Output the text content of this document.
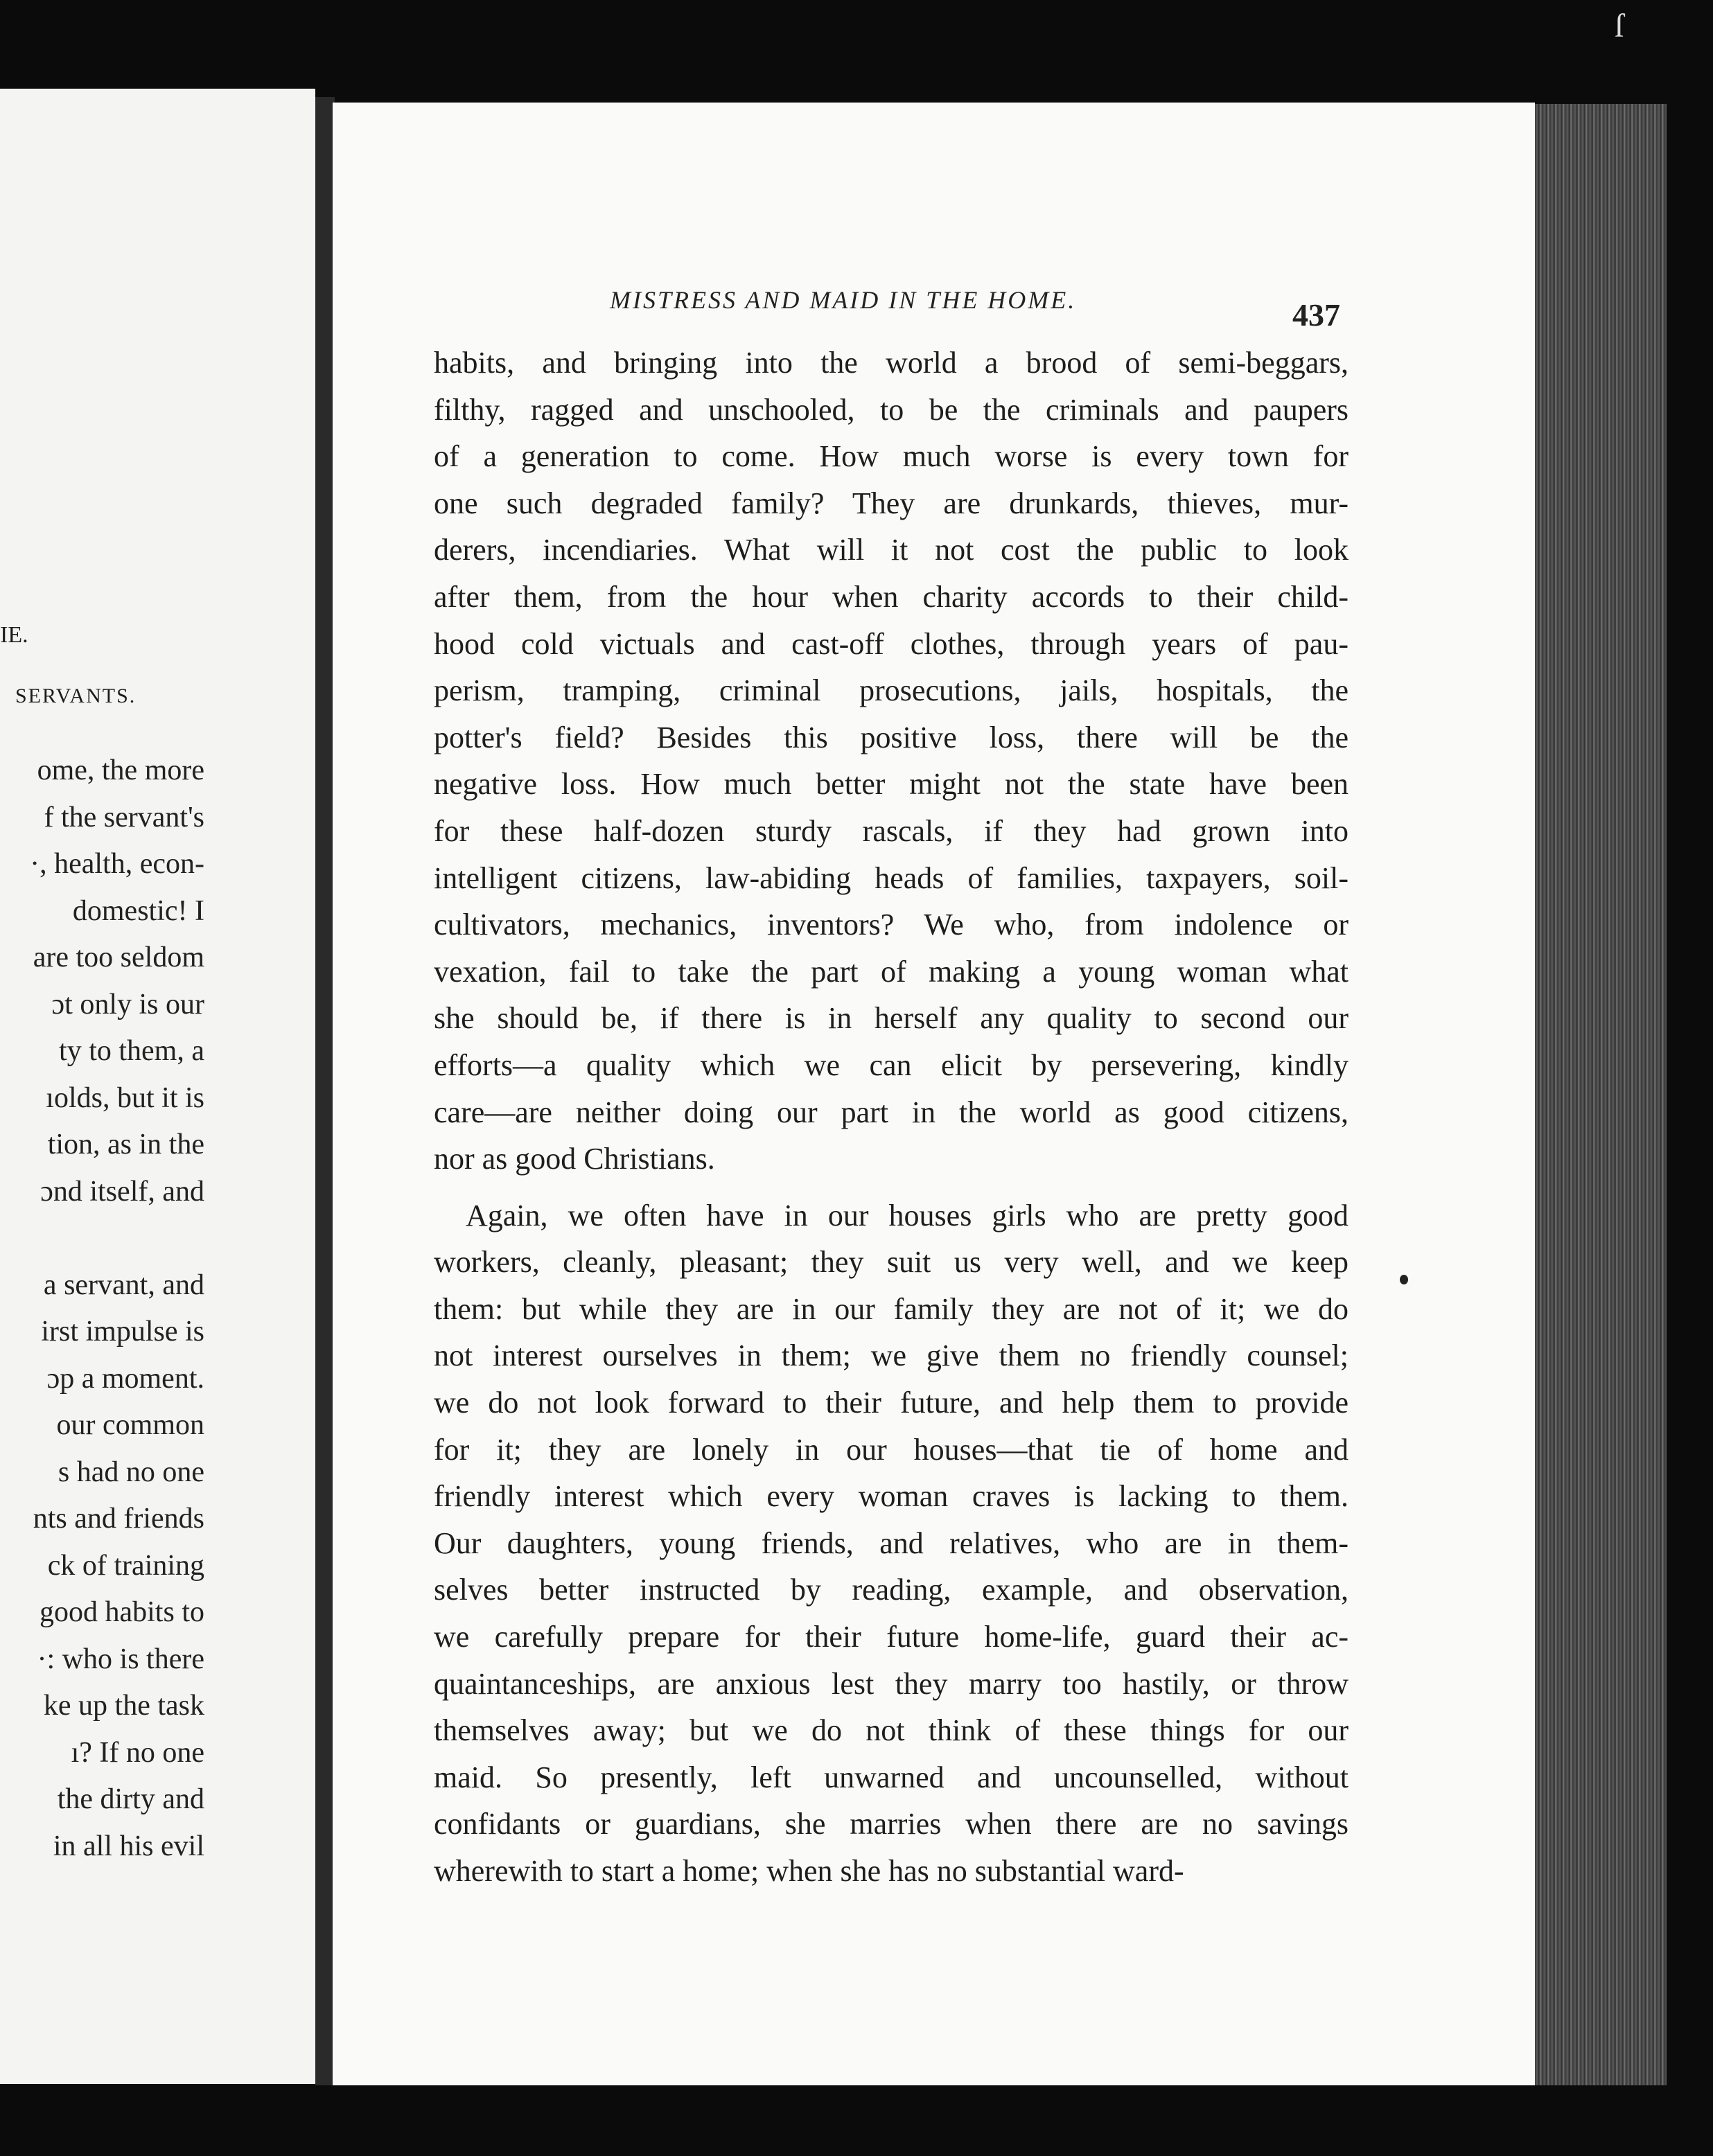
IE.
SERVANTS.
ome, the more
f the servant's
·, health, econ-
domestic! I
are too seldom
ɔt only is our
ty to them, a
ıolds, but it is
tion, as in the
ɔnd itself, and
a servant, and
irst impulse is
ɔp a moment.
our common
s had no one
nts and friends
ck of training
good habits to
·: who is there
ke up the task
ı? If no one
the dirty and
in all his evil
MISTRESS AND MAID IN THE HOME.	437
habits, and bringing into the world a brood of semi-beggars,
filthy, ragged and unschooled, to be the criminals and paupers
of a generation to come. How much worse is every town for
one such degraded family? They are drunkards, thieves, mur-
derers, incendiaries. What will it not cost the public to look
after them, from the hour when charity accords to their child-
hood cold victuals and cast-off clothes, through years of pau-
perism, tramping, criminal prosecutions, jails, hospitals, the
potter's field? Besides this positive loss, there will be the
negative loss. How much better might not the state have been
for these half-dozen sturdy rascals, if they had grown into
intelligent citizens, law-abiding heads of families, taxpayers, soil-
cultivators, mechanics, inventors? We who, from indolence or
vexation, fail to take the part of making a young woman what
she should be, if there is in herself any quality to second our
efforts—a quality which we can elicit by persevering, kindly
care—are neither doing our part in the world as good citizens,
nor as good Christians.
Again, we often have in our houses girls who are pretty good
workers, cleanly, pleasant; they suit us very well, and we keep
them: but while they are in our family they are not of it; we do
not interest ourselves in them; we give them no friendly counsel;
we do not look forward to their future, and help them to provide
for it; they are lonely in our houses—that tie of home and
friendly interest which every woman craves is lacking to them.
Our daughters, young friends, and relatives, who are in them-
selves better instructed by reading, example, and observation,
we carefully prepare for their future home-life, guard their ac-
quaintanceships, are anxious lest they marry too hastily, or throw
themselves away; but we do not think of these things for our
maid. So presently, left unwarned and uncounselled, without
confidants or guardians, she marries when there are no savings
wherewith to start a home; when she has no substantial ward-
ſ
